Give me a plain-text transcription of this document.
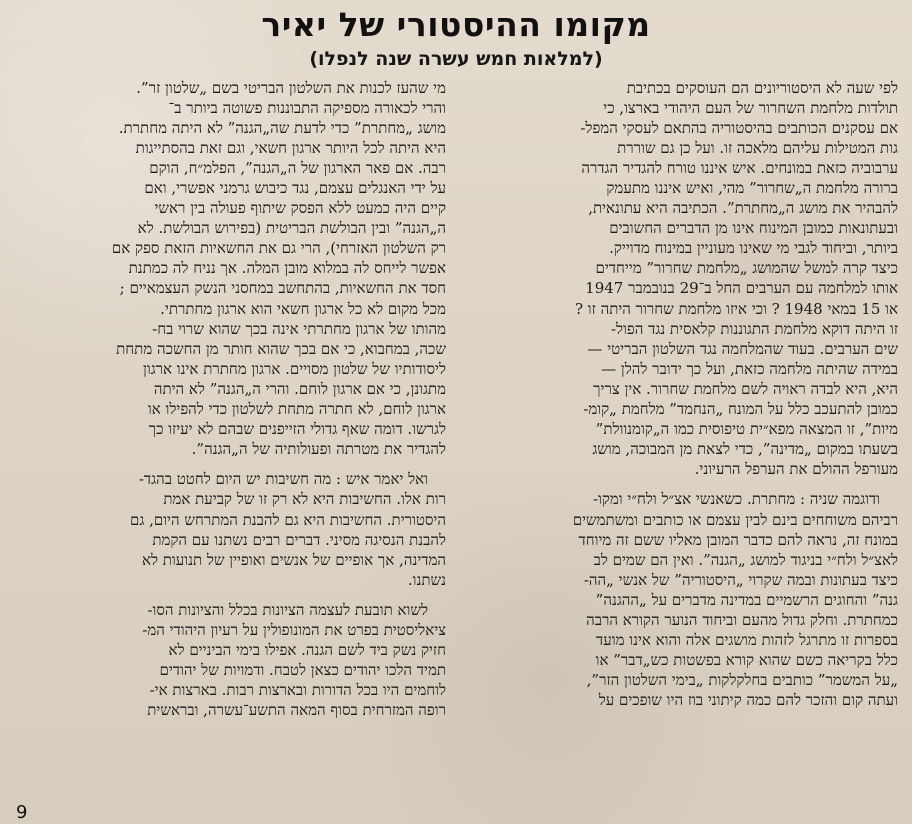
מקומו ההיסטורי של יאיר
(למלאות חמש עשרה שנה לנפלו)

לפי שעה לא היסטוריונים הם העוסקים בכתיבת
תולדות מלחמת השחרור של העם היהודי בארצו, כי
אם עסקנים הכותבים בהיסטוריה בהתאם לעסקי המפל-
גות המטילות עליהם מלאכה זו. ועל כן גם שוררת
ערבוביה כזאת במונחים. איש איננו טורח להגדיר הגדרה
ברורה מלחמת ה„שחרור” מהי, ואיש איננו מתעמק
להבהיר את מושג ה„מחתרת”. הכתיבה היא עתונאית,
ובעתונאות כמובן המינוח אינו מן הדברים החשובים
ביותר, וביחוד לגבי מי שאינו מעוניין במינוח מדוייק.
כיצד קרה למשל שהמושג „מלחמת שחרור” מייחדים
אותו למלחמה עם הערבים החל ב־29 בנובמבר 1947
או 15 במאי 1948 ? וכי איזו מלחמת שחרור היתה זו ?
זו היתה דוקא מלחמת התגוננות קלאסית נגד הפול-
שים הערבים. בעוד שהמלחמה נגד השלטון הבריטי —
במידה שהיתה מלחמה כזאת, ועל כך ידובר להלן —
היא, היא לבדה ראויה לשם מלחמת שחרור. אין צריך
כמובן להתעכב כלל על המונח „הנחמד” מלחמת „קומ-
מיות”, זו המצאה מפא״ית טיפוסית כמו ה„קומנוולת”
בשעתו במקום „מדינה”, כדי לצאת מן המבוכה, מושג
מעורפל ההולם את הערפל הרעיוני.

ודוגמה שניה : מחתרת. כשאנשי אצ״ל ולח״י ומקו-
רביהם משוחחים בינם לבין עצמם או כותבים ומשתמשים
במונח זה, נראה להם כדבר המובן מאליו ששם זה מיוחד
לאצ״ל ולח״י בניגוד למושג „הגנה”. ואין הם שמים לב
כיצד בעתונות ובמה שקרוי „היסטוריה” של אנשי „הה-
גנה” והחוגים הרשמיים במדינה מדברים על „ההגנה”
כמחתרת. וחלק גדול מהעם וביחוד הנוער הקורא הרבה
בספרות זו מתרגל לזהות מושגים אלה והוא אינו מועד
כלל בקריאה כשם שהוא קורא בפשטות כש„דבר” או
„על המשמר” כותבים בחלקלקות „בימי השלטון הזר”,
ועתה קום והזכר להם כמה קיתוני בוז היו שופכים על

מי שהעז לכנות את השלטון הבריטי בשם „שלטון זר”.
והרי לכאורה מספיקה התבוננות פשוטה ביותר ב־
מושג „מחתרת” כדי לדעת שה„הגנה” לא היתה מחתרת.
היא היתה לכל היותר ארגון חשאי, וגם זאת בהסתייגות
רבה. אם פאר הארגון של ה„הגנה”, הפלמ״ח, הוקם
על ידי האנגלים עצמם, נגד כיבוש גרמני אפשרי, ואם
קיים היה כמעט ללא הפסק שיתוף פעולה בין ראשי
ה„הגנה” ובין הבולשת הבריטית (בפירוש הבולשת. לא
רק השלטון האזרחי), הרי גם את החשאיות הזאת ספק אם
אפשר לייחס לה במלוא מובן המלה. אך נניח לה כמתנת
חסד את החשאיות, בהתחשב במחסני הנשק העצמאיים ;
מכל מקום לא כל ארגון חשאי הוא ארגון מחתרתי.
מהותו של ארגון מחתרתי אינה בכך שהוא שרוי בח-
שכה, במחבוא, כי אם בכך שהוא חותר מן החשכה מתחת
ליסודותיו של שלטון מסויים. ארגון מחתרת אינו ארגון
מתגונן, כי אם ארגון לוחם. והרי ה„הגנה” לא היתה
ארגון לוחם, לא חתרה מתחת לשלטון כדי להפילו או
לגרשו. דומה שאף גדולי הזייפנים שבהם לא יעיזו כך
להגדיר את מטרתה ופעולותיה של ה„הגנה”.

ואל יאמר איש : מה חשיבות יש היום לחטט בהגד-
רות אלו. החשיבות היא לא רק זו של קביעת אמת
היסטורית. החשיבות היא גם להבנת המתרחש היום, גם
להבנת הנסיגה מסיני. דברים רבים נשתנו עם הקמת
המדינה, אך אופיים של אנשים ואופיין של תנועות לא
נשתנו.

לשוא תובעת לעצמה הציונות בכלל והציונות הסו-
ציאליסטית בפרט את המונופולין על רעיון היהודי המ-
חזיק נשק ביד לשם הגנה. אפילו בימי הביניים לא
תמיד הלכו יהודים כצאן לטבח. ודמויות של יהודים
לוחמים היו בכל הדורות ובארצות רבות. בארצות אי-
רופה המזרחית בסוף המאה התשע־עשרה, ובראשית

9
